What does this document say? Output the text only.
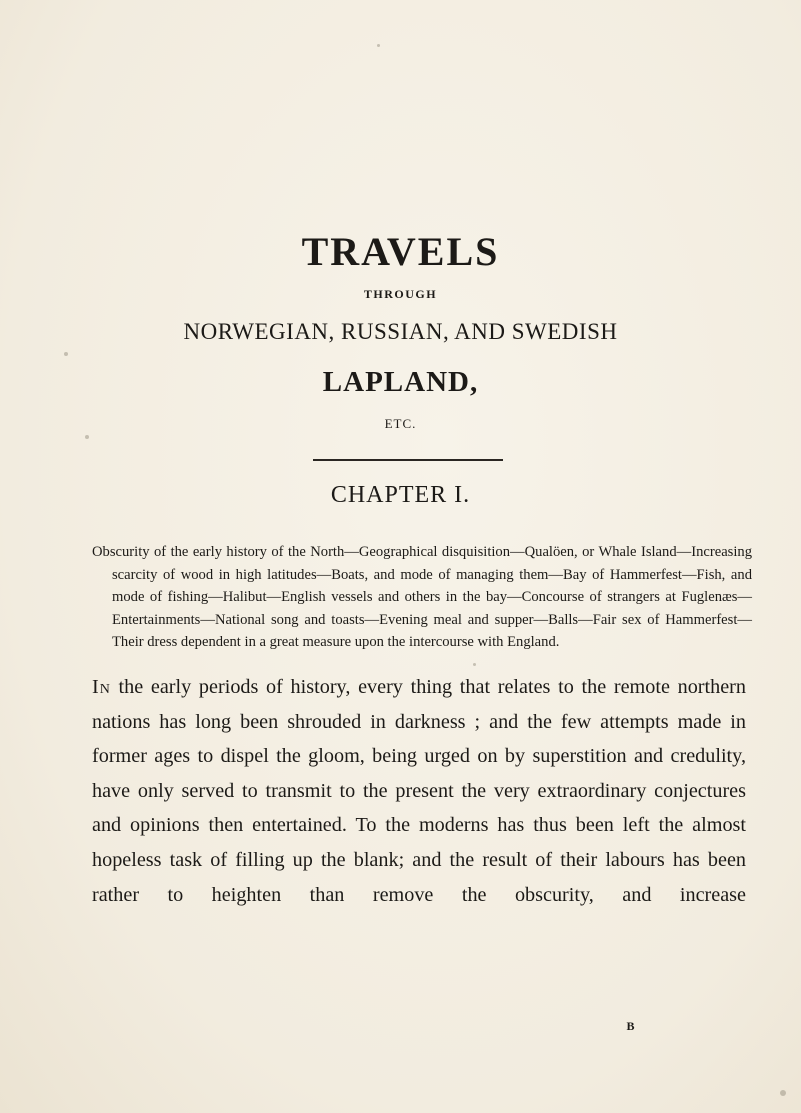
TRAVELS
THROUGH
NORWEGIAN, RUSSIAN, AND SWEDISH
LAPLAND,
ETC.
CHAPTER I.
Obscurity of the early history of the North—Geographical disquisition—Qualöen, or Whale Island—Increasing scarcity of wood in high latitudes—Boats, and mode of managing them—Bay of Hammerfest—Fish, and mode of fishing—Halibut—English vessels and others in the bay—Concourse of strangers at Fuglenæs—Entertainments—National song and toasts—Evening meal and supper—Balls—Fair sex of Hammerfest—Their dress dependent in a great measure upon the intercourse with England.
In the early periods of history, every thing that relates to the remote northern nations has long been shrouded in darkness ; and the few attempts made in former ages to dispel the gloom, being urged on by superstition and credulity, have only served to transmit to the present the very extraordinary conjectures and opinions then entertained. To the moderns has thus been left the almost hopeless task of filling up the blank; and the result of their labours has been rather to heighten than remove the obscurity, and increase
B
